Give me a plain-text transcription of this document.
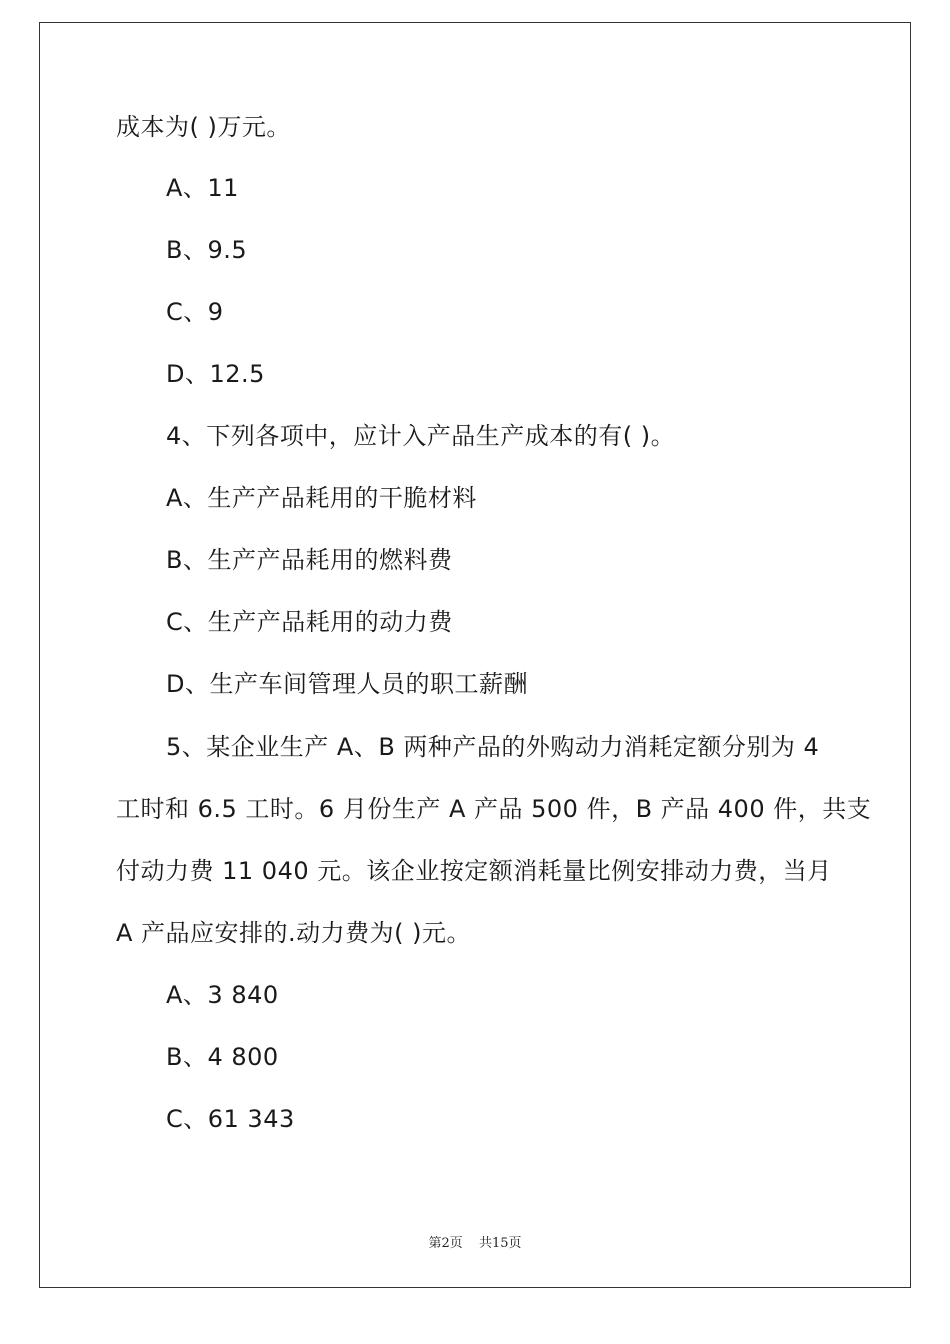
成本为( )万元。
A、11
B、9.5
C、9
D、12.5
4、下列各项中，应计入产品生产成本的有( )。
A、生产产品耗用的干脆材料
B、生产产品耗用的燃料费
C、生产产品耗用的动力费
D、生产车间管理人员的职工薪酬
5、某企业生产 A、B 两种产品的外购动力消耗定额分别为 4
工时和 6.5 工时。6 月份生产 A 产品 500 件，B 产品 400 件，共支
付动力费 11 040 元。该企业按定额消耗量比例安排动力费，当月
A 产品应安排的.动力费为( )元。
A、3 840
B、4 800
C、61 343
第2页 共15页
